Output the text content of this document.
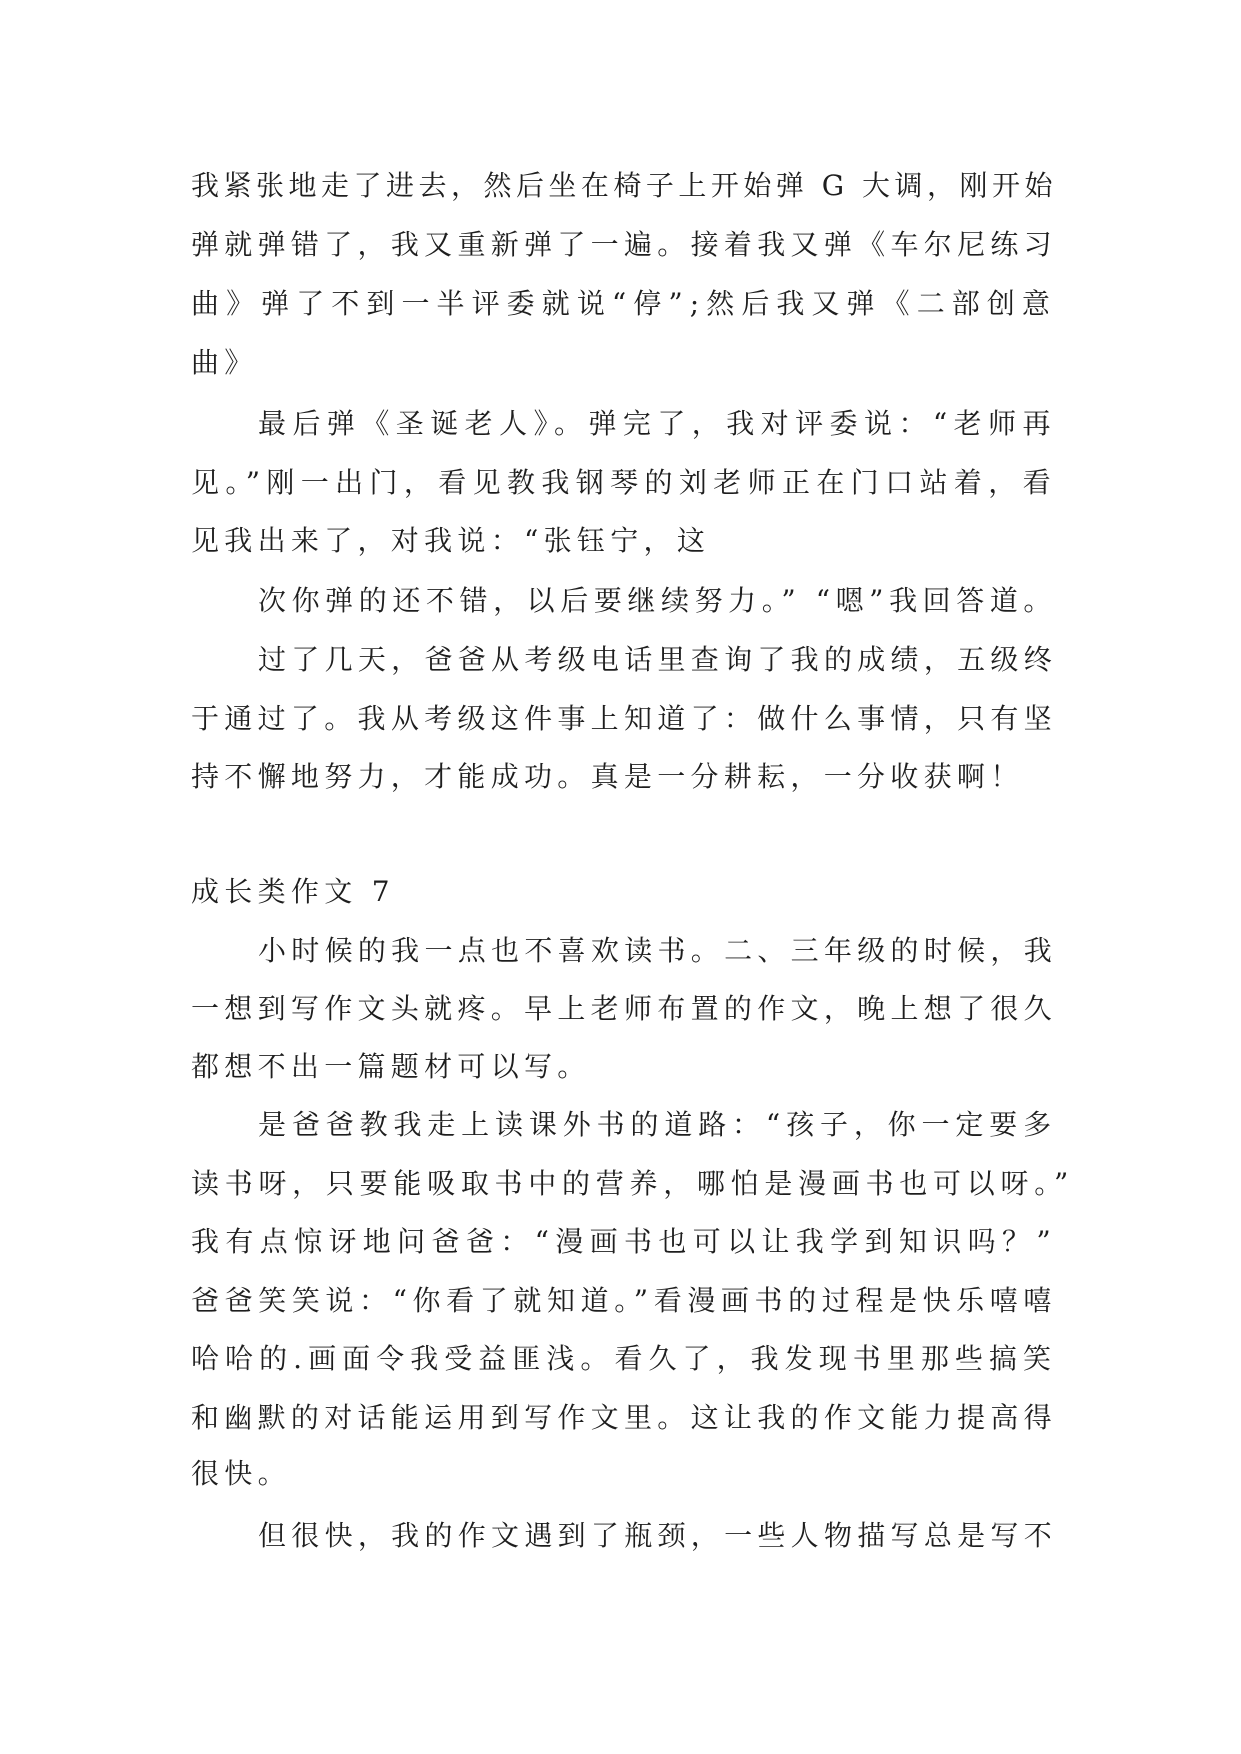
我紧张地走了进去，然后坐在椅子上开始弹 G 大调，刚开始
弹就弹错了，我又重新弹了一遍。接着我又弹《车尔尼练习
曲》弹了不到一半评委就说“停”;然后我又弹《二部创意
曲》
最后弹《圣诞老人》。弹完了，我对评委说：“老师再
见。”刚一出门，看见教我钢琴的刘老师正在门口站着，看
见我出来了，对我说：“张钰宁，这
次你弹的还不错，以后要继续努力。” “嗯”我回答道。
过了几天，爸爸从考级电话里查询了我的成绩，五级终
于通过了。我从考级这件事上知道了：做什么事情，只有坚
持不懈地努力，才能成功。真是一分耕耘，一分收获啊！
成长类作文 7
小时候的我一点也不喜欢读书。二、三年级的时候，我
一想到写作文头就疼。早上老师布置的作文，晚上想了很久
都想不出一篇题材可以写。
是爸爸教我走上读课外书的道路：“孩子，你一定要多
读书呀，只要能吸取书中的营养，哪怕是漫画书也可以呀。”
我有点惊讶地问爸爸：“漫画书也可以让我学到知识吗？”
爸爸笑笑说：“你看了就知道。”看漫画书的过程是快乐嘻嘻
哈哈的.画面令我受益匪浅。看久了，我发现书里那些搞笑
和幽默的对话能运用到写作文里。这让我的作文能力提高得
很快。
但很快，我的作文遇到了瓶颈，一些人物描写总是写不
